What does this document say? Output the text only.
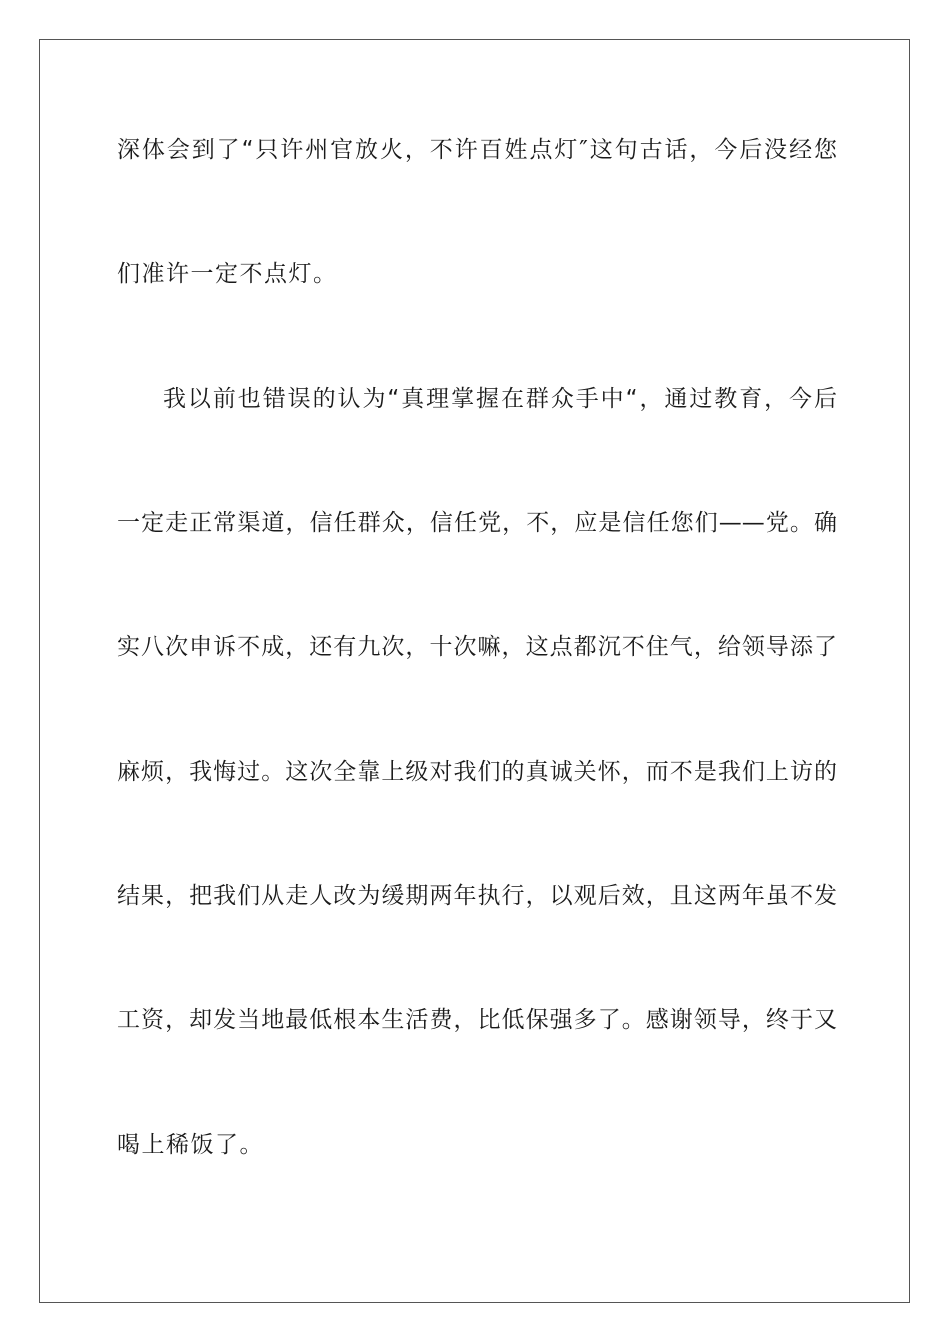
深体会到了“只许州官放火，不许百姓点灯″这句古话，今后没经您
们准许一定不点灯。
我以前也错误的认为“真理掌握在群众手中“，通过教育，今后
一定走正常渠道，信任群众，信任党，不，应是信任您们——党。确
实八次申诉不成，还有九次，十次嘛，这点都沉不住气，给领导添了
麻烦，我悔过。这次全靠上级对我们的真诚关怀，而不是我们上访的
结果，把我们从走人改为缓期两年执行，以观后效，且这两年虽不发
工资，却发当地最低根本生活费，比低保强多了。感谢领导，终于又
喝上稀饭了。
